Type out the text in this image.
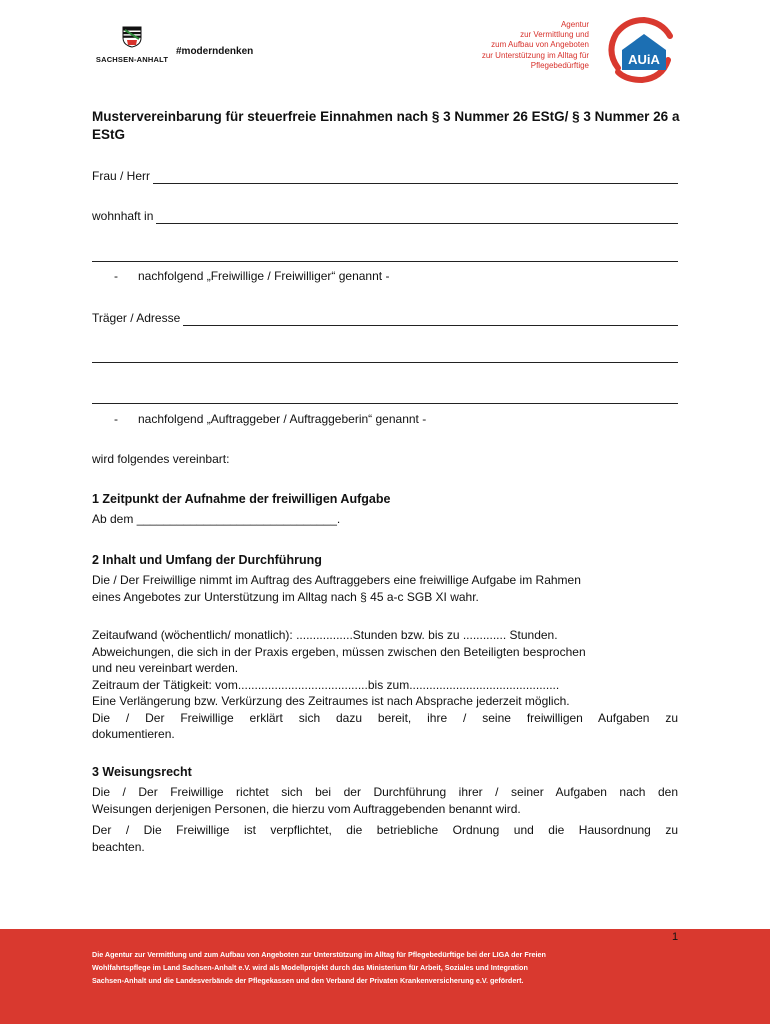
SACHSEN-ANHALT
#moderndenken
Agentur
zur Vermittlung und
zum Aufbau von Angeboten
zur Unterstützung im Alltag für
Pflegebedürftige	AUiA
Mustervereinbarung für steuerfreie Einnahmen nach § 3 Nummer 26 EStG/ § 3 Nummer 26 a EStG
Frau / Herr
wohnhaft in
- nachfolgend „Freiwillige / Freiwilliger“ genannt -
Träger / Adresse
- nachfolgend „Auftraggeber / Auftraggeberin“ genannt -
wird folgendes vereinbart:
1 Zeitpunkt der Aufnahme der freiwilligen Aufgabe
Ab dem ______________________________.
2 Inhalt und Umfang der Durchführung
Die / Der Freiwillige nimmt im Auftrag des Auftraggebers eine freiwillige Aufgabe im Rahmen
eines Angebotes zur Unterstützung im Alltag nach § 45 a-c SGB XI wahr.
Zeitaufwand (wöchentlich/ monatlich): .................Stunden bzw. bis zu ............. Stunden.
Abweichungen, die sich in der Praxis ergeben, müssen zwischen den Beteiligten besprochen
und neu vereinbart werden.
Zeitraum der Tätigkeit: vom.......................................bis zum.............................................
Eine Verlängerung bzw. Verkürzung des Zeitraumes ist nach Absprache jederzeit möglich.
Die / Der Freiwillige erklärt sich dazu bereit, ihre / seine freiwilligen Aufgaben zu
dokumentieren.
3 Weisungsrecht
Die / Der Freiwillige richtet sich bei der Durchführung ihrer / seiner Aufgaben nach den
Weisungen derjenigen Personen, die hierzu vom Auftraggebenden benannt wird.
Der / Die Freiwillige ist verpflichtet, die betriebliche Ordnung und die Hausordnung zu
beachten.
1
Die Agentur zur Vermittlung und zum Aufbau von Angeboten zur Unterstützung im Alltag für Pflegebedürftige bei der LIGA der Freien
Wohlfahrtspflege im Land Sachsen-Anhalt e.V. wird als Modellprojekt durch das Ministerium für Arbeit, Soziales und Integration
Sachsen-Anhalt und die Landesverbände der Pflegekassen und den Verband der Privaten Krankenversicherung e.V. gefördert.
